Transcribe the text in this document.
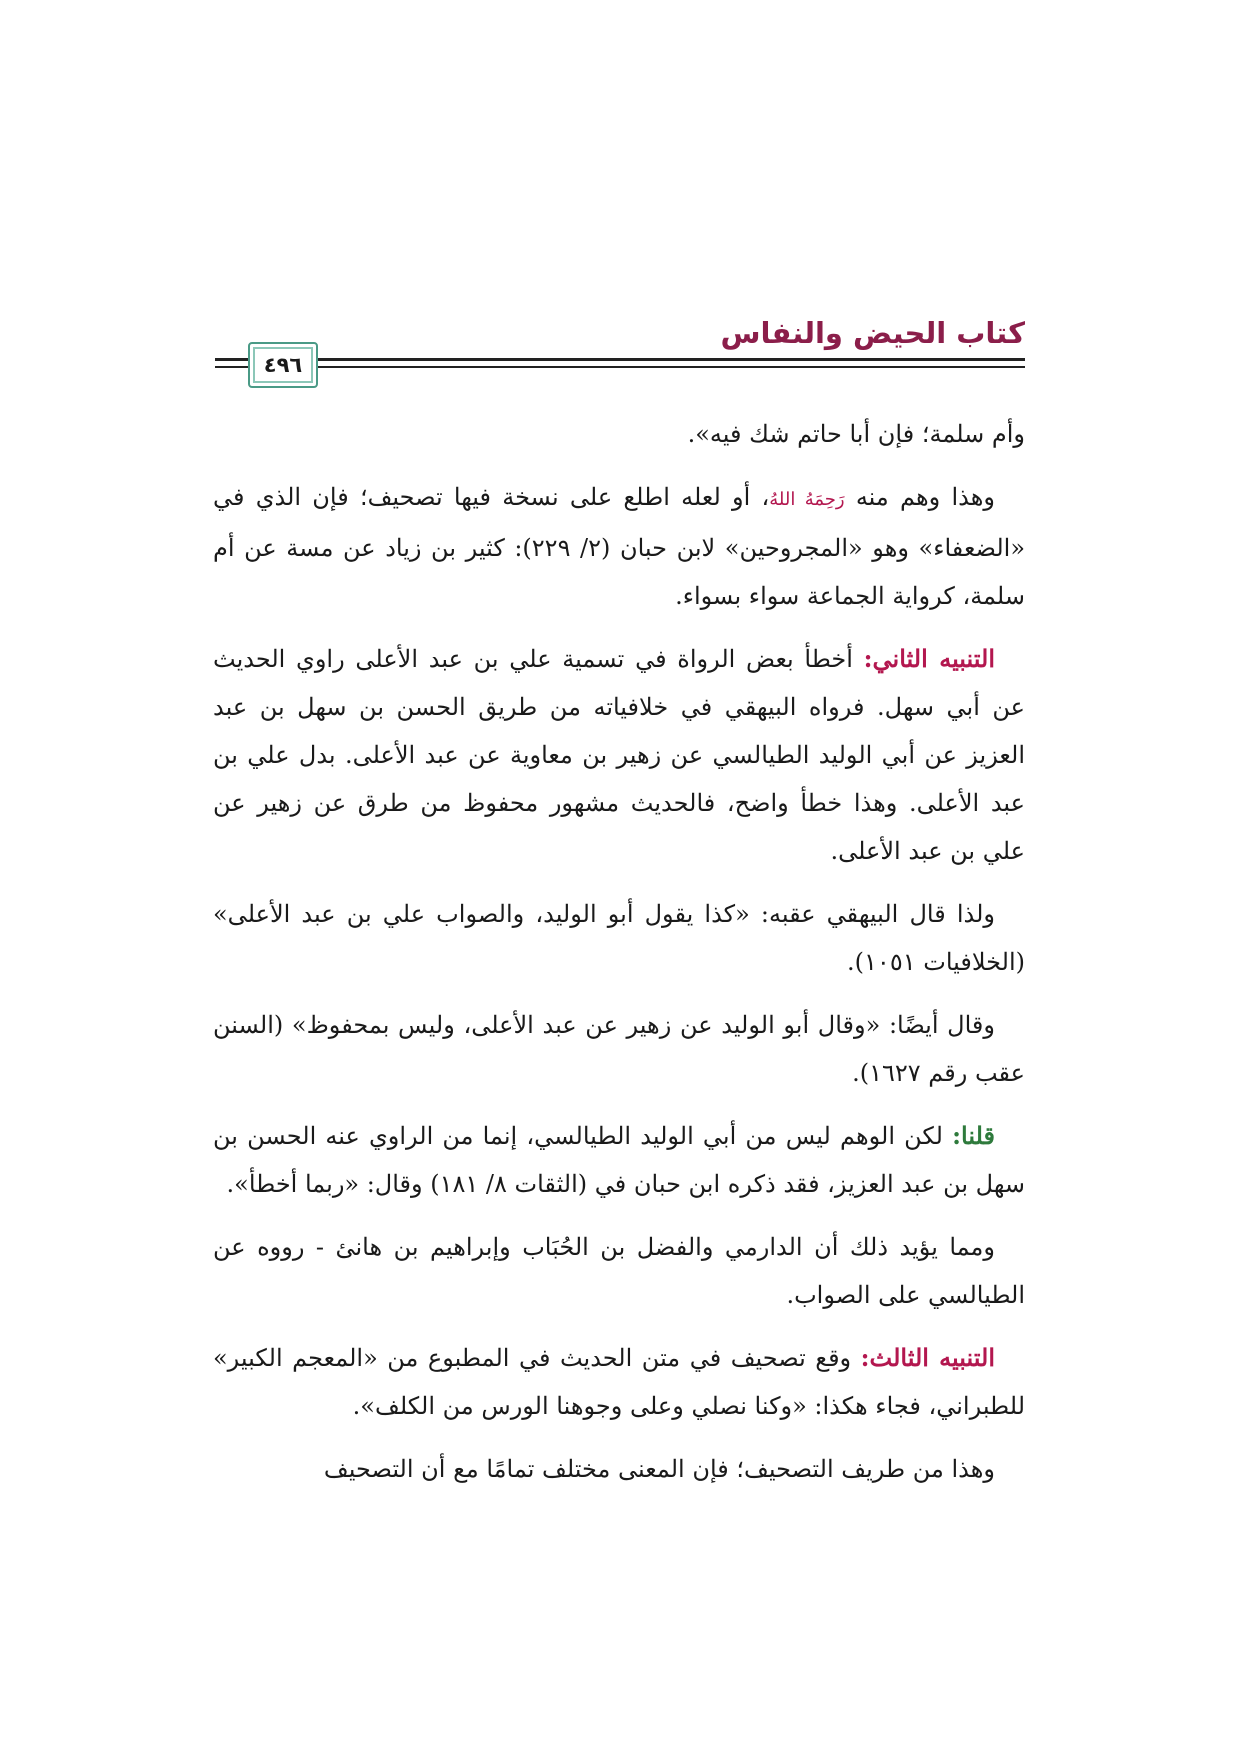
كتاب الحيض والنفاس
٤٩٦

وأم سلمة؛ فإن أبا حاتم شك فيه».

وهذا وهم منه رَحِمَهُ اللهُ، أو لعله اطلع على نسخة فيها تصحيف؛ فإن الذي في «الضعفاء» وهو «المجروحين» لابن حبان (٢/ ٢٢٩): كثير بن زياد عن مسة عن أم سلمة، كرواية الجماعة سواء بسواء.

التنبيه الثاني: أخطأ بعض الرواة في تسمية علي بن عبد الأعلى راوي الحديث عن أبي سهل. فرواه البيهقي في خلافياته من طريق الحسن بن سهل بن عبد العزيز عن أبي الوليد الطيالسي عن زهير بن معاوية عن عبد الأعلى. بدل علي بن عبد الأعلى. وهذا خطأ واضح، فالحديث مشهور محفوظ من طرق عن زهير عن علي بن عبد الأعلى.

ولذا قال البيهقي عقبه: «كذا يقول أبو الوليد، والصواب علي بن عبد الأعلى» (الخلافيات ١٠٥١).

وقال أيضًا: «وقال أبو الوليد عن زهير عن عبد الأعلى، وليس بمحفوظ» (السنن عقب رقم ١٦٢٧).

قلنا: لكن الوهم ليس من أبي الوليد الطيالسي، إنما من الراوي عنه الحسن بن سهل بن عبد العزيز، فقد ذكره ابن حبان في (الثقات ٨/ ١٨١) وقال: «ربما أخطأ».

ومما يؤيد ذلك أن الدارمي والفضل بن الحُبَاب وإبراهيم بن هانئ - رووه عن الطيالسي على الصواب.

التنبيه الثالث: وقع تصحيف في متن الحديث في المطبوع من «المعجم الكبير» للطبراني، فجاء هكذا: «وكنا نصلي وعلى وجوهنا الورس من الكلف».

وهذا من طريف التصحيف؛ فإن المعنى مختلف تمامًا مع أن التصحيف
